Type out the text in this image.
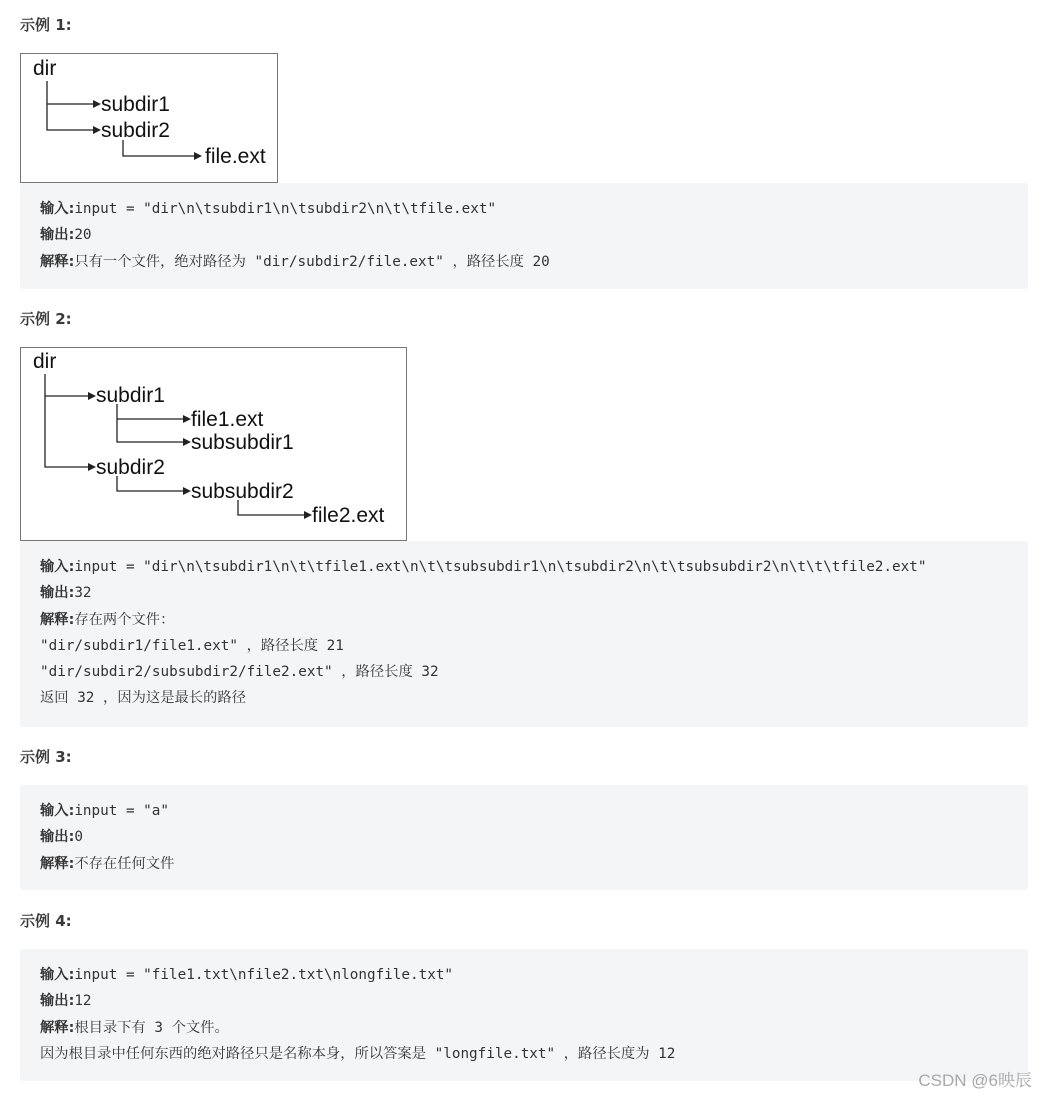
示例 1:
dir
subdir1
subdir2
file.ext
输入:input = "dir\n\tsubdir1\n\tsubdir2\n\t\tfile.ext"
输出:20
解释:只有一个文件，绝对路径为 "dir/subdir2/file.ext" ，路径长度 20
示例 2:
dir
subdir1
file1.ext
subsubdir1
subdir2
subsubdir2
file2.ext
输入:input = "dir\n\tsubdir1\n\t\tfile1.ext\n\t\tsubsubdir1\n\tsubdir2\n\t\tsubsubdir2\n\t\t\tfile2.ext"
输出:32
解释:存在两个文件：
"dir/subdir1/file1.ext" ，路径长度 21
"dir/subdir2/subsubdir2/file2.ext" ，路径长度 32
返回 32 ，因为这是最长的路径
示例 3:
输入:input = "a"
输出:0
解释:不存在任何文件
示例 4:
输入:input = "file1.txt\nfile2.txt\nlongfile.txt"
输出:12
解释:根目录下有 3 个文件。
因为根目录中任何东西的绝对路径只是名称本身，所以答案是 "longfile.txt" ，路径长度为 12
CSDN @6映辰
